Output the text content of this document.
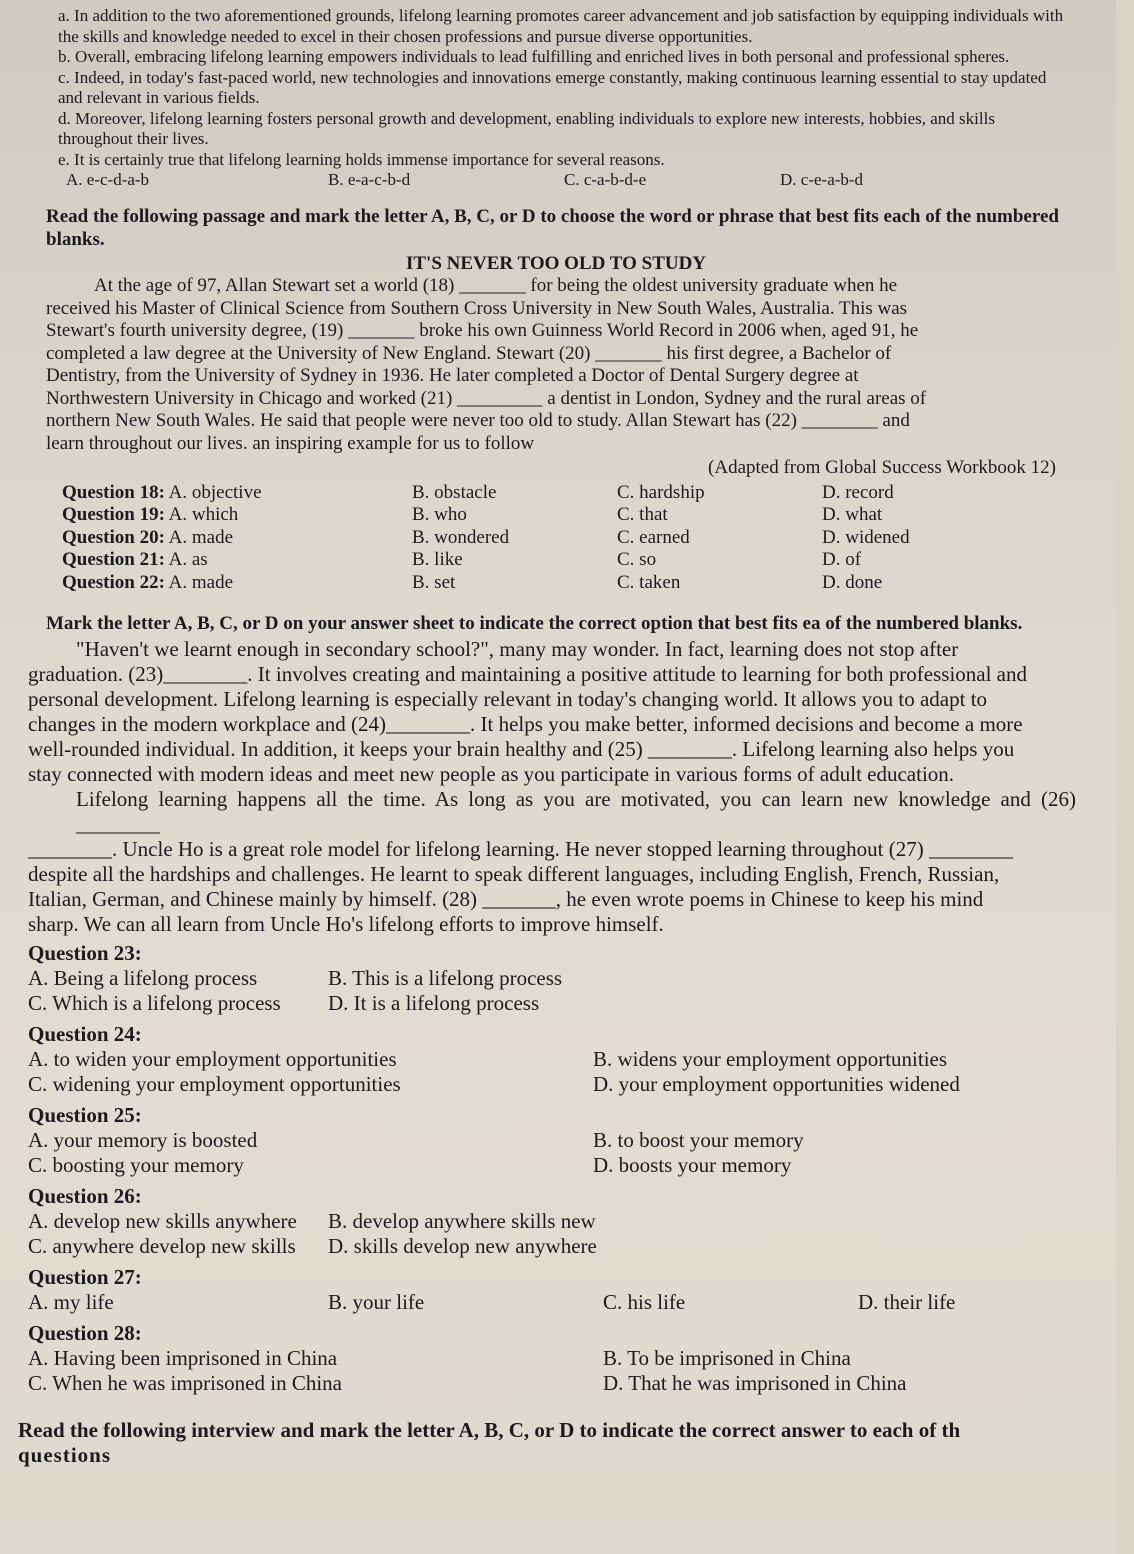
a. In addition to the two aforementioned grounds, lifelong learning promotes career advancement and job satisfaction by equipping individuals with the skills and knowledge needed to excel in their chosen professions and pursue diverse opportunities.

b. Overall, embracing lifelong learning empowers individuals to lead fulfilling and enriched lives in both personal and professional spheres.

c. Indeed, in today's fast-paced world, new technologies and innovations emerge constantly, making continuous learning essential to stay updated and relevant in various fields.

d. Moreover, lifelong learning fosters personal growth and development, enabling individuals to explore new interests, hobbies, and skills throughout their lives.

e. It is certainly true that lifelong learning holds immense importance for several reasons.

A. e-c-d-a-b	B. e-a-c-b-d	C. c-a-b-d-e	D. c-e-a-b-d

Read the following passage and mark the letter A, B, C, or D to choose the word or phrase that best fits each of the numbered blanks.

IT'S NEVER TOO OLD TO STUDY

At the age of 97, Allan Stewart set a world (18) _______ for being the oldest university graduate when he

received his Master of Clinical Science from Southern Cross University in New South Wales, Australia. This was

Stewart's fourth university degree, (19) _______ broke his own Guinness World Record in 2006 when, aged 91, he

completed a law degree at the University of New England. Stewart (20) _______ his first degree, a Bachelor of

Dentistry, from the University of Sydney in 1936. He later completed a Doctor of Dental Surgery degree at

Northwestern University in Chicago and worked (21) _________ a dentist in London, Sydney and the rural areas of

northern New South Wales. He said that people were never too old to study. Allan Stewart has (22) ________ and

learn throughout our lives. an inspiring example for us to follow

(Adapted from Global Success Workbook 12)

Question 18: A. objective	B. obstacle	C. hardship	D. record
Question 19: A. which	B. who	C. that	D. what
Question 20: A. made	B. wondered	C. earned	D. widened
Question 21: A. as	B. like	C. so	D. of
Question 22: A. made	B. set	C. taken	D. done

Mark the letter A, B, C, or D on your answer sheet to indicate the correct option that best fits ea of the numbered blanks.

"Haven't we learnt enough in secondary school?", many may wonder. In fact, learning does not stop after

graduation. (23)________. It involves creating and maintaining a positive attitude to learning for both professional and

personal development. Lifelong learning is especially relevant in today's changing world. It allows you to adapt to

changes in the modern workplace and (24)________. It helps you make better, informed decisions and become a more

well-rounded individual. In addition, it keeps your brain healthy and (25) ________. Lifelong learning also helps you

stay connected with modern ideas and meet new people as you participate in various forms of adult education.

Lifelong learning happens all the time. As long as you are motivated, you can learn new knowledge and (26) ________

________. Uncle Ho is a great role model for lifelong learning. He never stopped learning throughout (27) ________

despite all the hardships and challenges. He learnt to speak different languages, including English, French, Russian,

Italian, German, and Chinese mainly by himself. (28) _______, he even wrote poems in Chinese to keep his mind

sharp. We can all learn from Uncle Ho's lifelong efforts to improve himself.

Question 23:

A. Being a lifelong process	B. This is a lifelong process
C. Which is a lifelong process	D. It is a lifelong process

Question 24:

A. to widen your employment opportunities	B. widens your employment opportunities
C. widening your employment opportunities	D. your employment opportunities widened

Question 25:

A. your memory is boosted	B. to boost your memory
C. boosting your memory	D. boosts your memory

Question 26:

A. develop new skills anywhere	B. develop anywhere skills new
C. anywhere develop new skills	D. skills develop new anywhere

Question 27:

A. my life	B. your life	C. his life	D. their life

Question 28:

A. Having been imprisoned in China	B. To be imprisoned in China
C. When he was imprisoned in China	D. That he was imprisoned in China

Read the following interview and mark the letter A, B, C, or D to indicate the correct answer to each of th

questions
